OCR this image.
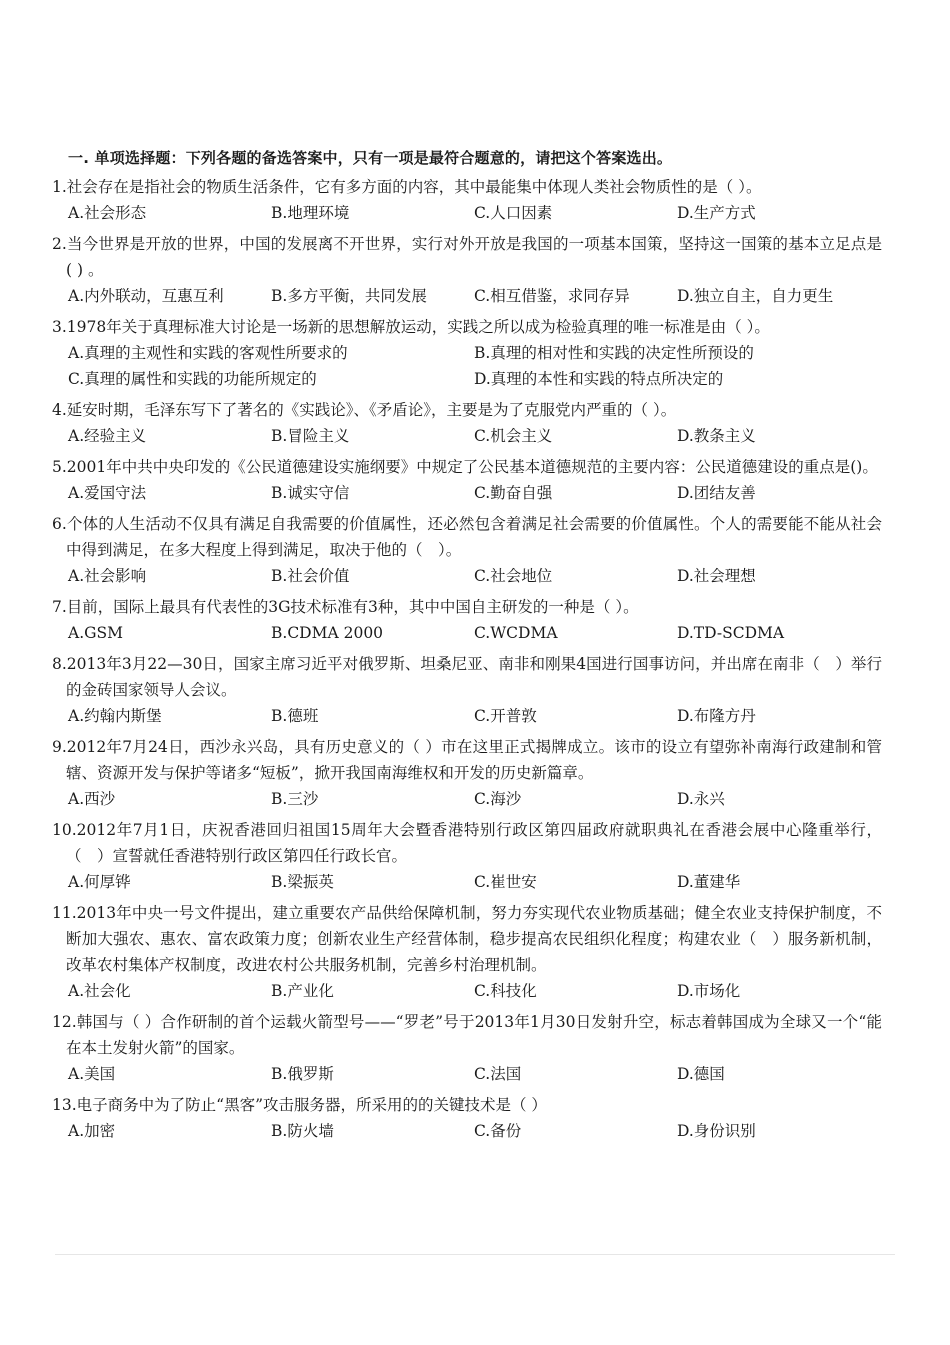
一. 单项选择题：下列各题的备选答案中，只有一项是最符合题意的，请把这个答案选出。
1.社会存在是指社会的物质生活条件，它有多方面的内容，其中最能集中体现人类社会物质性的是（ ）。
A.社会形态	B.地理环境	C.人口因素	D.生产方式
2.当今世界是开放的世界，中国的发展离不开世界，实行对外开放是我国的一项基本国策，坚持这一国策的基本立足点是 ( ) 。
A.内外联动，互惠互利	B.多方平衡，共同发展	C.相互借鉴，求同存异	D.独立自主，自力更生
3.1978年关于真理标准大讨论是一场新的思想解放运动，实践之所以成为检验真理的唯一标准是由（ ）。
A.真理的主观性和实践的客观性所要求的	B.真理的相对性和实践的决定性所预设的
C.真理的属性和实践的功能所规定的	D.真理的本性和实践的特点所决定的
4.延安时期，毛泽东写下了著名的《实践论》、《矛盾论》，主要是为了克服党内严重的（ ）。
A.经验主义	B.冒险主义	C.机会主义	D.教条主义
5.2001年中共中央印发的《公民道德建设实施纲要》中规定了公民基本道德规范的主要内容：公民道德建设的重点是()。
A.爱国守法	B.诚实守信	C.勤奋自强	D.团结友善
6.个体的人生活动不仅具有满足自我需要的价值属性，还必然包含着满足社会需要的价值属性。个人的需要能不能从社会中得到满足，在多大程度上得到满足，取决于他的（　）。
A.社会影响	B.社会价值	C.社会地位	D.社会理想
7.目前，国际上最具有代表性的3G技术标准有3种，其中中国自主研发的一种是（ ）。
A.GSM	B.CDMA 2000	C.WCDMA	D.TD-SCDMA
8.2013年3月22—30日，国家主席习近平对俄罗斯、坦桑尼亚、南非和刚果4国进行国事访问，并出席在南非（　）举行的金砖国家领导人会议。
A.约翰内斯堡	B.德班	C.开普敦	D.布隆方丹
9.2012年7月24日，西沙永兴岛，具有历史意义的（ ）市在这里正式揭牌成立。该市的设立有望弥补南海行政建制和管辖、资源开发与保护等诸多“短板”，掀开我国南海维权和开发的历史新篇章。
A.西沙	B.三沙	C.海沙	D.永兴
10.2012年7月1日，庆祝香港回归祖国15周年大会暨香港特别行政区第四届政府就职典礼在香港会展中心隆重举行，（　）宣誓就任香港特别行政区第四任行政长官。
A.何厚铧	B.梁振英	C.崔世安	D.董建华
11.2013年中央一号文件提出，建立重要农产品供给保障机制，努力夯实现代农业物质基础；健全农业支持保护制度，不断加大强农、惠农、富农政策力度；创新农业生产经营体制，稳步提高农民组织化程度；构建农业（　）服务新机制，改革农村集体产权制度，改进农村公共服务机制，完善乡村治理机制。
A.社会化	B.产业化	C.科技化	D.市场化
12.韩国与（ ）合作研制的首个运载火箭型号——“罗老”号于2013年1月30日发射升空，标志着韩国成为全球又一个“能在本土发射火箭”的国家。
A.美国	B.俄罗斯	C.法国	D.德国
13.电子商务中为了防止“黑客”攻击服务器，所采用的的关键技术是（ ）
A.加密	B.防火墙	C.备份	D.身份识别
